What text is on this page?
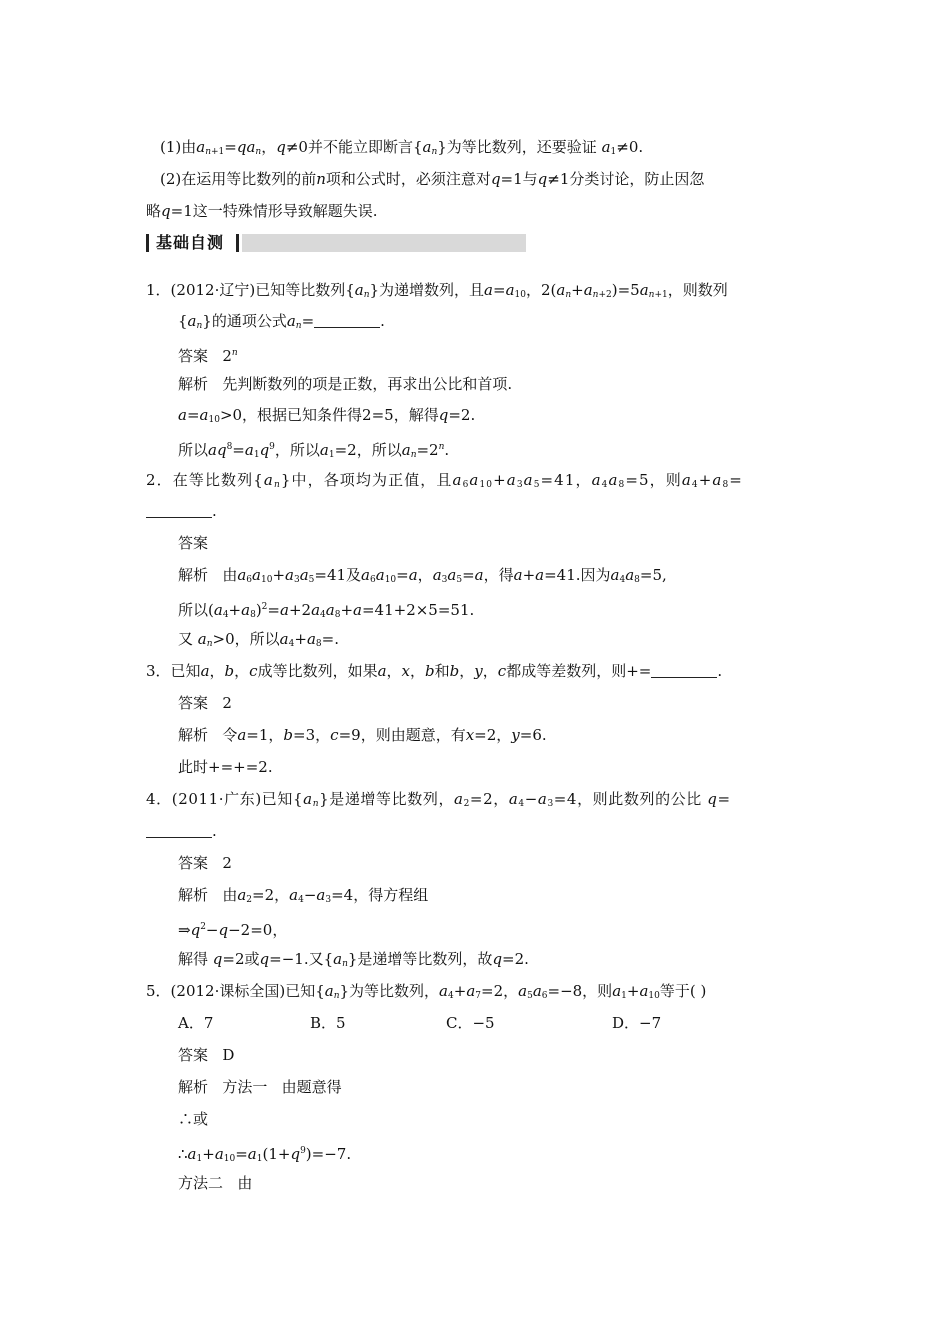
(1)由$a_{n+1}=qa_n$，q≠0并不能立即断言$\{a_n\}$为等比数列，还要验证 $a_1\ne 0$.
(2)在运用等比数列的前n项和公式时，必须注意对q=1与q≠1分类讨论，防止因忽
略q=1这一特殊情形导致解题失误.
基础自测
1．(2012·辽宁)已知等比数列$\{a_n\}$为递增数列，且$a=a_{10}$，$2(a_n+a_{n+2})=5a_{n+1}$，则数列
$\{a_n\}$的通项公式$a_n=$	.
答案 2$^n$
解析 先判断数列的项是正数，再求出公比和首项.
$a=a_{10}>0$，根据已知条件得2=5，解得q=2.
所以$aq^8=a_1q^9$，所以$a_1=2$，所以$a_n=2^n$.
2．在等比数列$\{a_n\}$中，各项均为正值，且$a_6a_{10}+a_3a_5=41$，$a_4a_8=5$，则$a_4+a_8=$
.
答案
解析 由$a_6a_{10}+a_3a_5=41$及$a_6a_{10}=a$，$a_3a_5=a$，得a+a=41.因为$a_4a_8=5$,
所以$(a_4+a_8)^2=a+2a_4a_8+a=41+2\times 5=51$.
又 $a_n>0$，所以$a_4+a_8=$.
3．已知a，b，c成等比数列，如果a，x，b和b，y，c都成等差数列，则+=	.
答案 2
解析 令a=1，b=3，c=9，则由题意，有x=2，y=6.
此时+=+=2.
4．(2011·广东)已知$\{a_n\}$是递增等比数列，$a_2=2$，$a_4-a_3=4$，则此数列的公比 q=
.
答案 2
解析 由$a_2=2$，$a_4-a_3=4$，得方程组
$\Rightarrow q^2-q-2=0$，
解得 q=2或q=−1.又$\{a_n\}$是递增等比数列，故q=2.
5．(2012·课标全国)已知$\{a_n\}$为等比数列，$a_4+a_7=2$，$a_5a_6=-8$，则$a_1+a_{10}$等于( )
A．7	B．5	C．−5	D．−7
答案 D
解析 方法一 由题意得
∴或
$\therefore a_1+a_{10}=a_1(1+q^9)=-7$.
方法二 由
